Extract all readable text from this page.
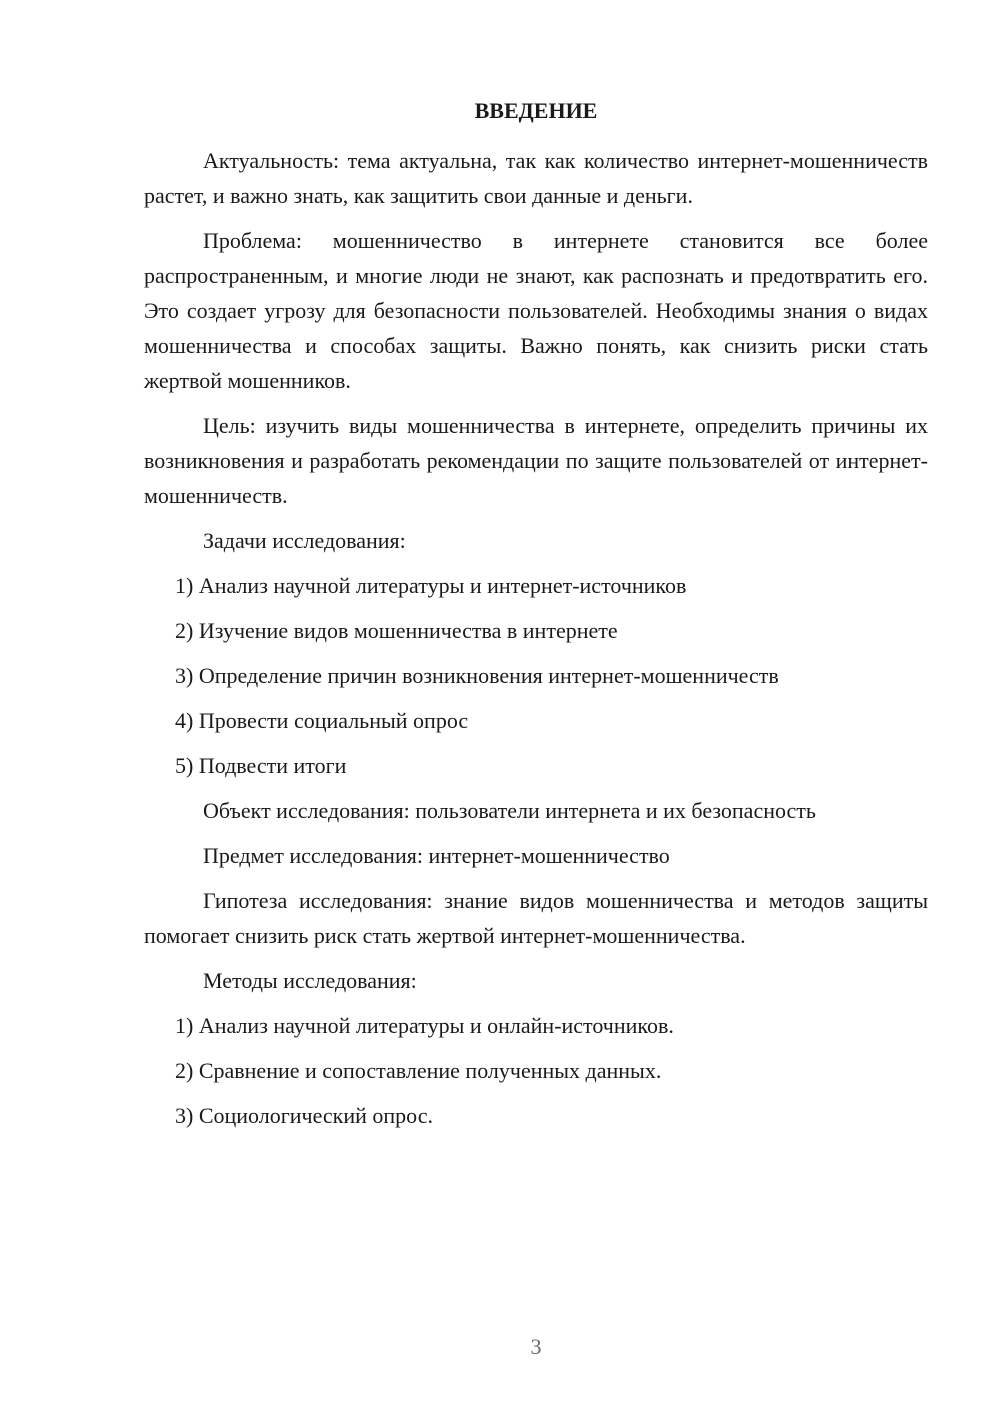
ВВЕДЕНИЕ

Актуальность: тема актуальна, так как количество интернет-мошенничеств растет, и важно знать, как защитить свои данные и деньги.

Проблема: мошенничество в интернете становится все более распространенным, и многие люди не знают, как распознать и предотвратить его. Это создает угрозу для безопасности пользователей. Необходимы знания о видах мошенничества и способах защиты. Важно понять, как снизить риски стать жертвой мошенников.

Цель: изучить виды мошенничества в интернете, определить причины их возникновения и разработать рекомендации по защите пользователей от интернет-мошенничеств.

Задачи исследования:

1) Анализ научной литературы и интернет-источников

2) Изучение видов мошенничества в интернете

3) Определение причин возникновения интернет-мошенничеств

4) Провести социальный опрос

5) Подвести итоги

Объект исследования: пользователи интернета и их безопасность

Предмет исследования: интернет-мошенничество

Гипотеза исследования: знание видов мошенничества и методов защиты помогает снизить риск стать жертвой интернет-мошенничества.

Методы исследования:

1) Анализ научной литературы и онлайн-источников.

2) Сравнение и сопоставление полученных данных.

3) Социологический опрос.

3
